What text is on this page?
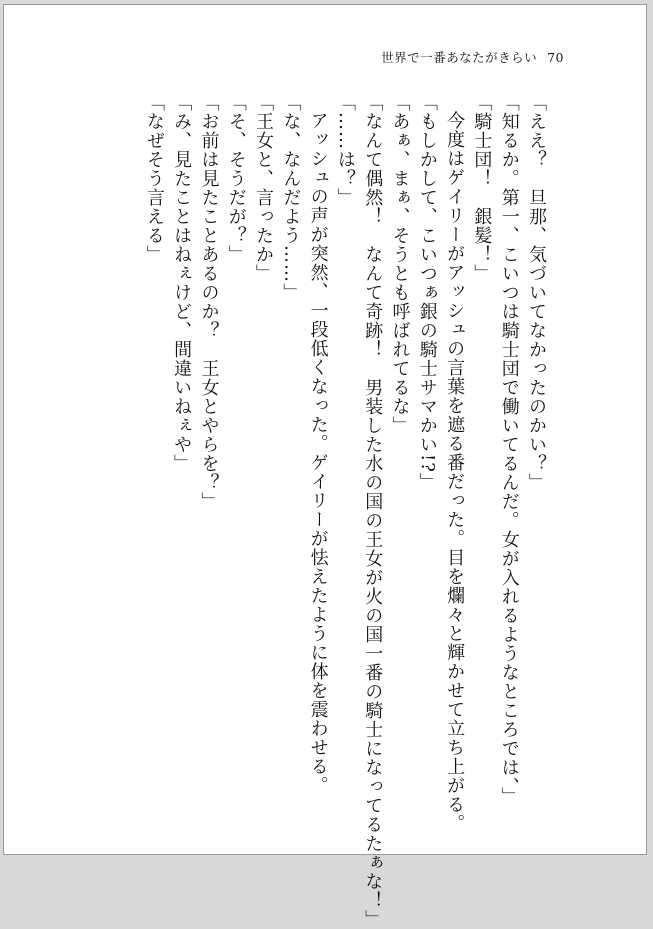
世界で一番あなたがきらい 70
「ええ？　旦那、気づいてなかったのかい？」
「知るか。第一、こいつは騎士団で働いてるんだ。女が入れるようなところでは、」
「騎士団！　銀髪！」
今度はゲイリーがアッシュの言葉を遮る番だった。目を爛々と輝かせて立ち上がる。
「もしかして、こいつぁ銀の騎士サマかい!?」
「あぁ、まぁ、そうとも呼ばれてるな」
「なんて偶然！　なんて奇跡！　男装した水の国の王女が火の国一番の騎士になってるたぁな！」
「……は？」
アッシュの声が突然、一段低くなった。ゲイリーが怯えたように体を震わせる。
「な、なんだよう……」
「王女と、言ったか」
「そ、そうだが？」
「お前は見たことあるのか？　王女とやらを？」
「み、見たことはねぇけど、間違いねぇや」
「なぜそう言える」
